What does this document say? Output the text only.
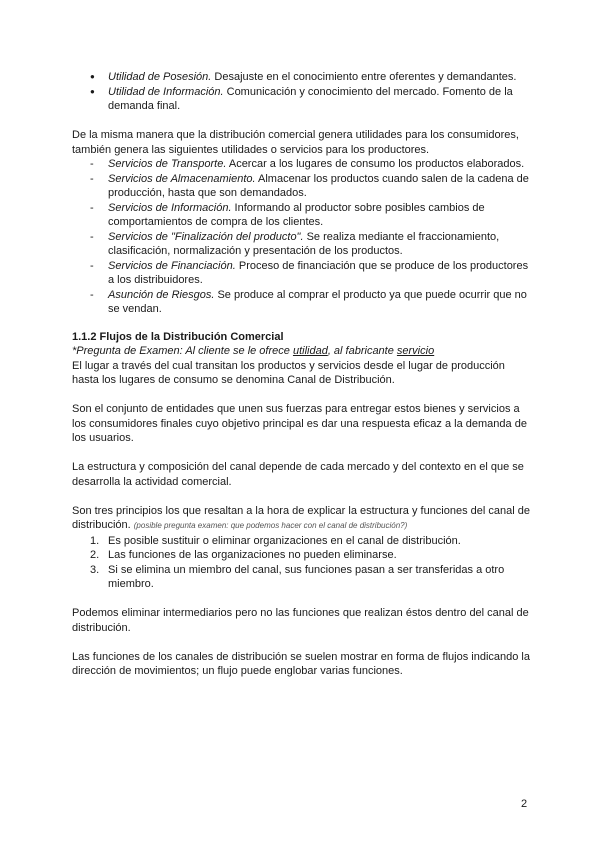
● Utilidad de Posesión. Desajuste en el conocimiento entre oferentes y demandantes.
● Utilidad de Información. Comunicación y conocimiento del mercado. Fomento de la demanda final.

De la misma manera que la distribución comercial genera utilidades para los consumidores, también genera las siguientes utilidades o servicios para los productores.

- Servicios de Transporte. Acercar a los lugares de consumo los productos elaborados.
- Servicios de Almacenamiento. Almacenar los productos cuando salen de la cadena de producción, hasta que son demandados.
- Servicios de Información. Informando al productor sobre posibles cambios de comportamientos de compra de los clientes.
- Servicios de "Finalización del producto". Se realiza mediante el fraccionamiento, clasificación, normalización y presentación de los productos.
- Servicios de Financiación. Proceso de financiación que se produce de los productores a los distribuidores.
- Asunción de Riesgos. Se produce al comprar el producto ya que puede ocurrir que no se vendan.
1.1.2 Flujos de la Distribución Comercial

*Pregunta de Examen: Al cliente se le ofrece utilidad, al fabricante servicio

El lugar a través del cual transitan los productos y servicios desde el lugar de producción hasta los lugares de consumo se denomina Canal de Distribución.

Son el conjunto de entidades que unen sus fuerzas para entregar estos bienes y servicios a los consumidores finales cuyo objetivo principal es dar una respuesta eficaz a la demanda de los usuarios.

La estructura y composición del canal depende de cada mercado y del contexto en el que se desarrolla la actividad comercial.

Son tres principios los que resaltan a la hora de explicar la estructura y funciones del canal de distribución. (posible pregunta examen: que podemos hacer con el canal de distribución?)

1. Es posible sustituir o eliminar organizaciones en el canal de distribución.
2. Las funciones de las organizaciones no pueden eliminarse.
3. Si se elimina un miembro del canal, sus funciones pasan a ser transferidas a otro miembro.

Podemos eliminar intermediarios pero no las funciones que realizan éstos dentro del canal de distribución.

Las funciones de los canales de distribución se suelen mostrar en forma de flujos indicando la dirección de movimientos; un flujo puede englobar varias funciones.

2
